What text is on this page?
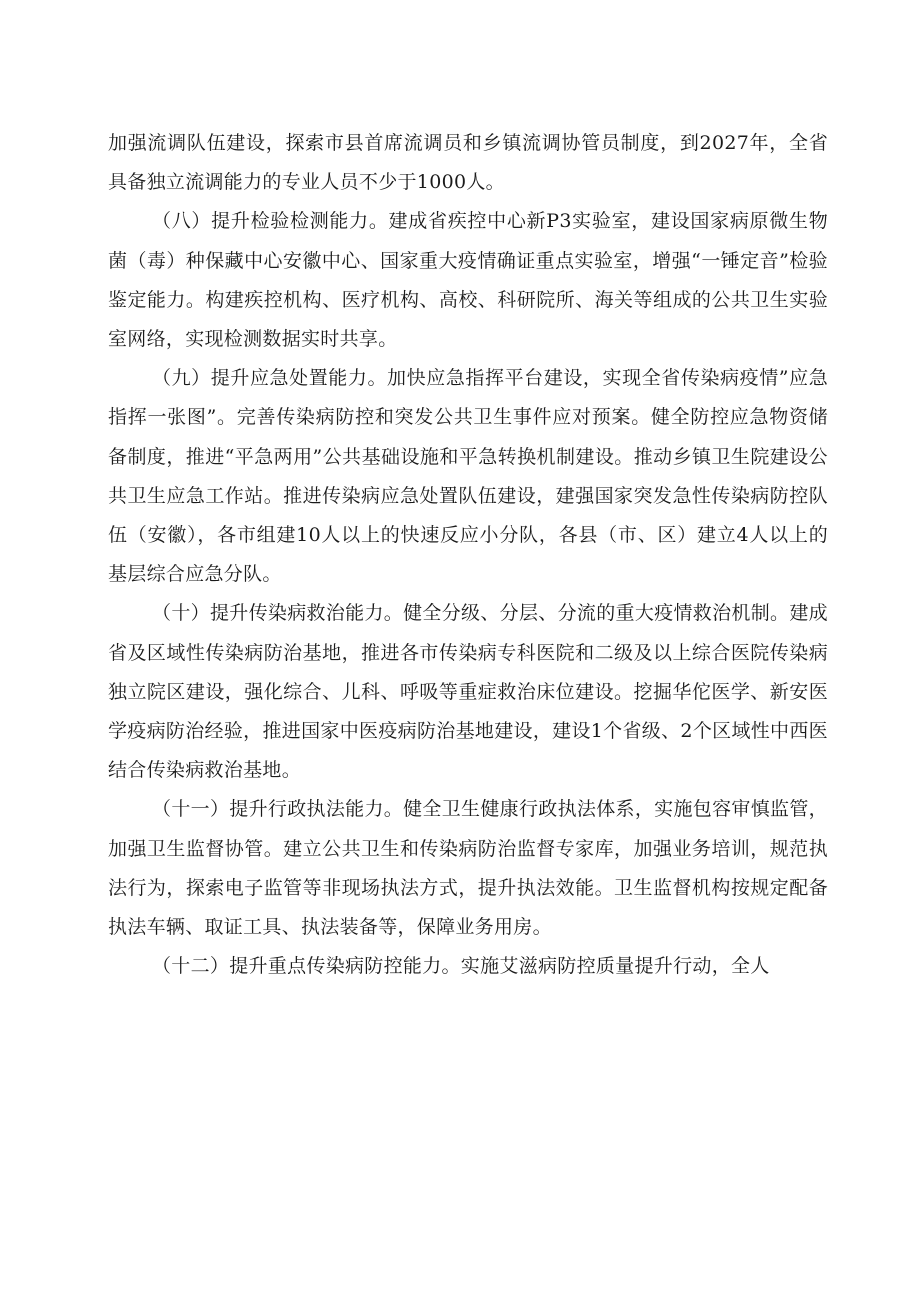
加强流调队伍建设，探索市县首席流调员和乡镇流调协管员制度，到2027年，全省具备独立流调能力的专业人员不少于1000人。

（八）提升检验检测能力。建成省疾控中心新P3实验室，建设国家病原微生物菌（毒）种保藏中心安徽中心、国家重大疫情确证重点实验室，增强“一锤定音”检验鉴定能力。构建疾控机构、医疗机构、高校、科研院所、海关等组成的公共卫生实验室网络，实现检测数据实时共享。

（九）提升应急处置能力。加快应急指挥平台建设，实现全省传染病疫情”应急指挥一张图”。完善传染病防控和突发公共卫生事件应对预案。健全防控应急物资储备制度，推进“平急两用”公共基础设施和平急转换机制建设。推动乡镇卫生院建设公共卫生应急工作站。推进传染病应急处置队伍建设，建强国家突发急性传染病防控队伍（安徽），各市组建10人以上的快速反应小分队，各县（市、区）建立4人以上的基层综合应急分队。

（十）提升传染病救治能力。健全分级、分层、分流的重大疫情救治机制。建成省及区域性传染病防治基地，推进各市传染病专科医院和二级及以上综合医院传染病独立院区建设，强化综合、儿科、呼吸等重症救治床位建设。挖掘华佗医学、新安医学疫病防治经验，推进国家中医疫病防治基地建设，建设1个省级、2个区域性中西医结合传染病救治基地。

（十一）提升行政执法能力。健全卫生健康行政执法体系，实施包容审慎监管，加强卫生监督协管。建立公共卫生和传染病防治监督专家库，加强业务培训，规范执法行为，探索电子监管等非现场执法方式，提升执法效能。卫生监督机构按规定配备执法车辆、取证工具、执法装备等，保障业务用房。

（十二）提升重点传染病防控能力。实施艾滋病防控质量提升行动，全人
